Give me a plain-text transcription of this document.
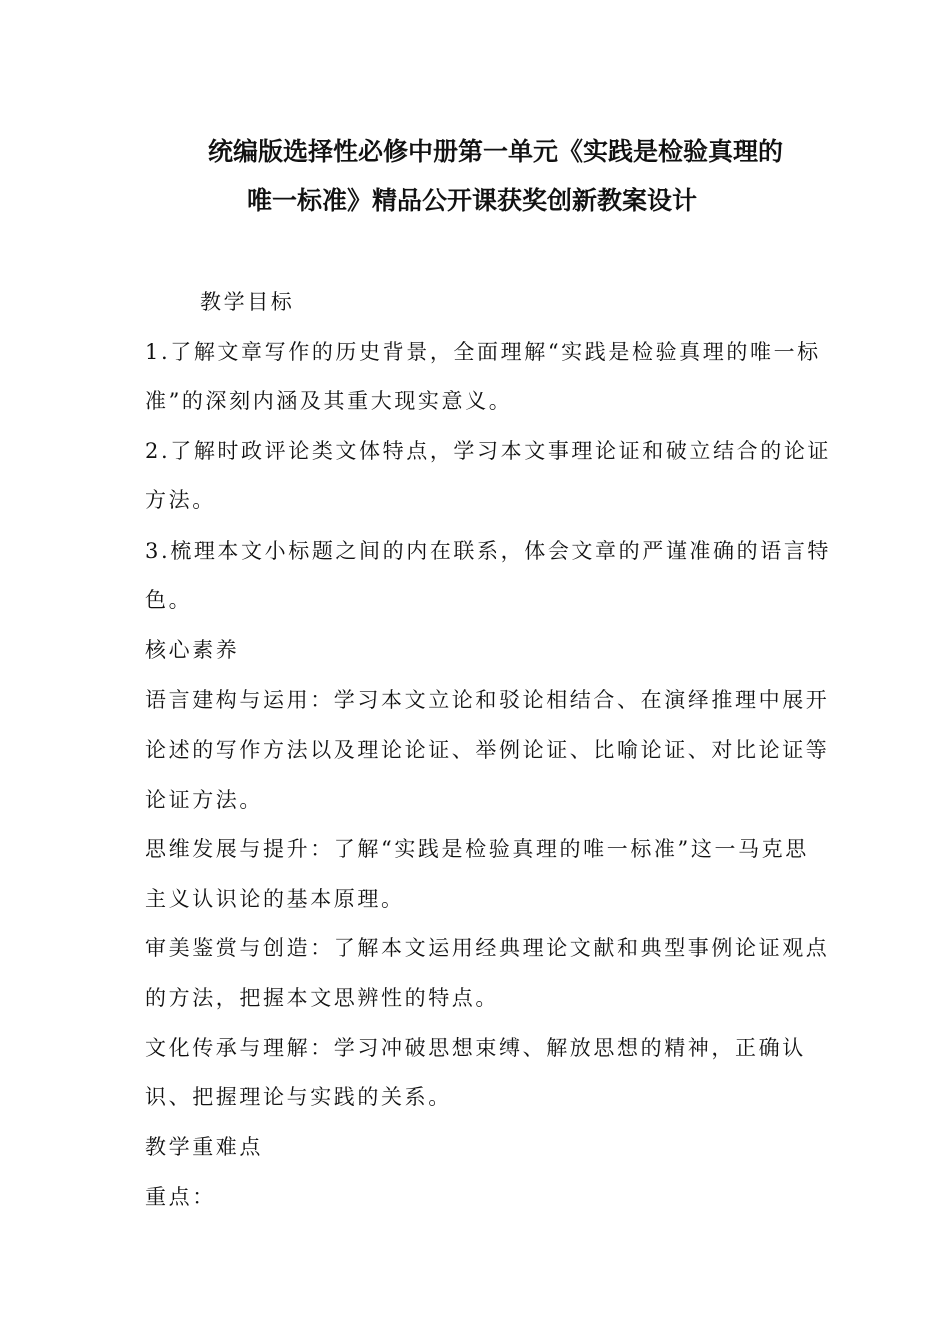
统编版选择性必修中册第一单元《实践是检验真理的
唯一标准》精品公开课获奖创新教案设计
教学目标
1.了解文章写作的历史背景，全面理解“实践是检验真理的唯一标
准”的深刻内涵及其重大现实意义。
2.了解时政评论类文体特点，学习本文事理论证和破立结合的论证
方法。
3.梳理本文小标题之间的内在联系，体会文章的严谨准确的语言特
色。
核心素养
语言建构与运用：学习本文立论和驳论相结合、在演绎推理中展开
论述的写作方法以及理论论证、举例论证、比喻论证、对比论证等
论证方法。
思维发展与提升：了解“实践是检验真理的唯一标准”这一马克思
主义认识论的基本原理。
审美鉴赏与创造：了解本文运用经典理论文献和典型事例论证观点
的方法，把握本文思辨性的特点。
文化传承与理解：学习冲破思想束缚、解放思想的精神，正确认
识、把握理论与实践的关系。
教学重难点
重点：
